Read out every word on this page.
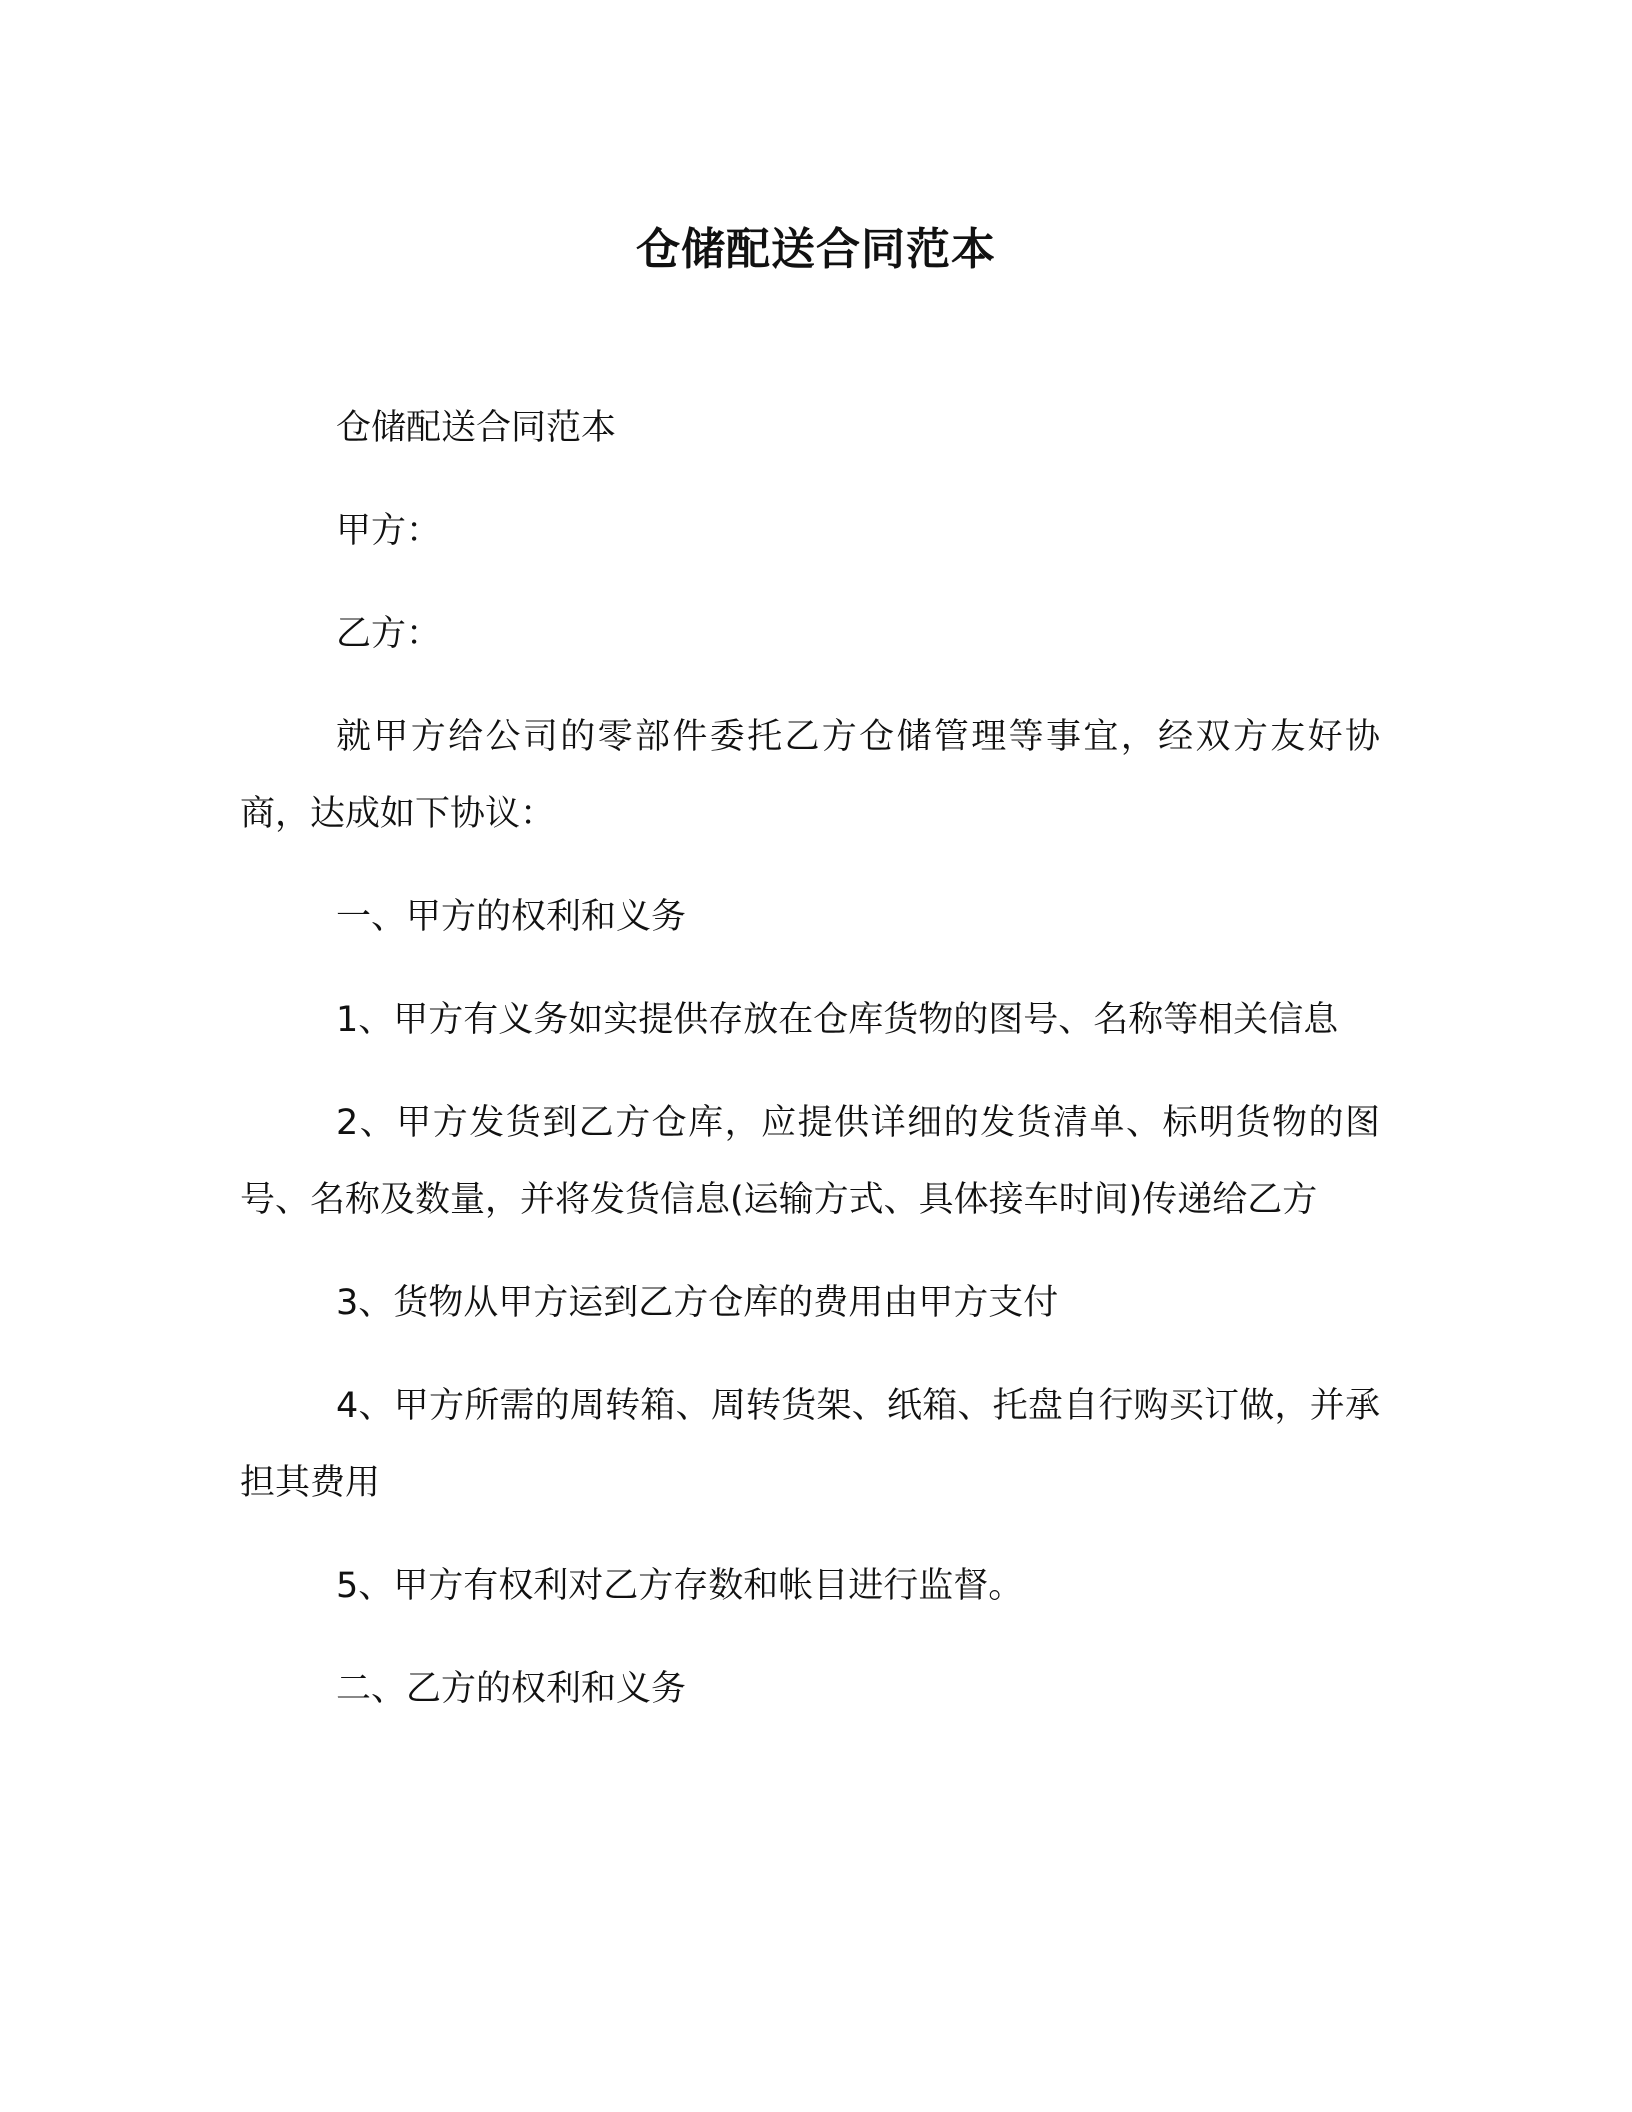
仓储配送合同范本

仓储配送合同范本

甲方：

乙方：

就甲方给公司的零部件委托乙方仓储管理等事宜，经双方友好协商，达成如下协议：

一、甲方的权利和义务

1、甲方有义务如实提供存放在仓库货物的图号、名称等相关信息

2、甲方发货到乙方仓库，应提供详细的发货清单、标明货物的图号、名称及数量，并将发货信息(运输方式、具体接车时间)传递给乙方

3、货物从甲方运到乙方仓库的费用由甲方支付

4、甲方所需的周转箱、周转货架、纸箱、托盘自行购买订做，并承担其费用

5、甲方有权利对乙方存数和帐目进行监督。

二、乙方的权利和义务
